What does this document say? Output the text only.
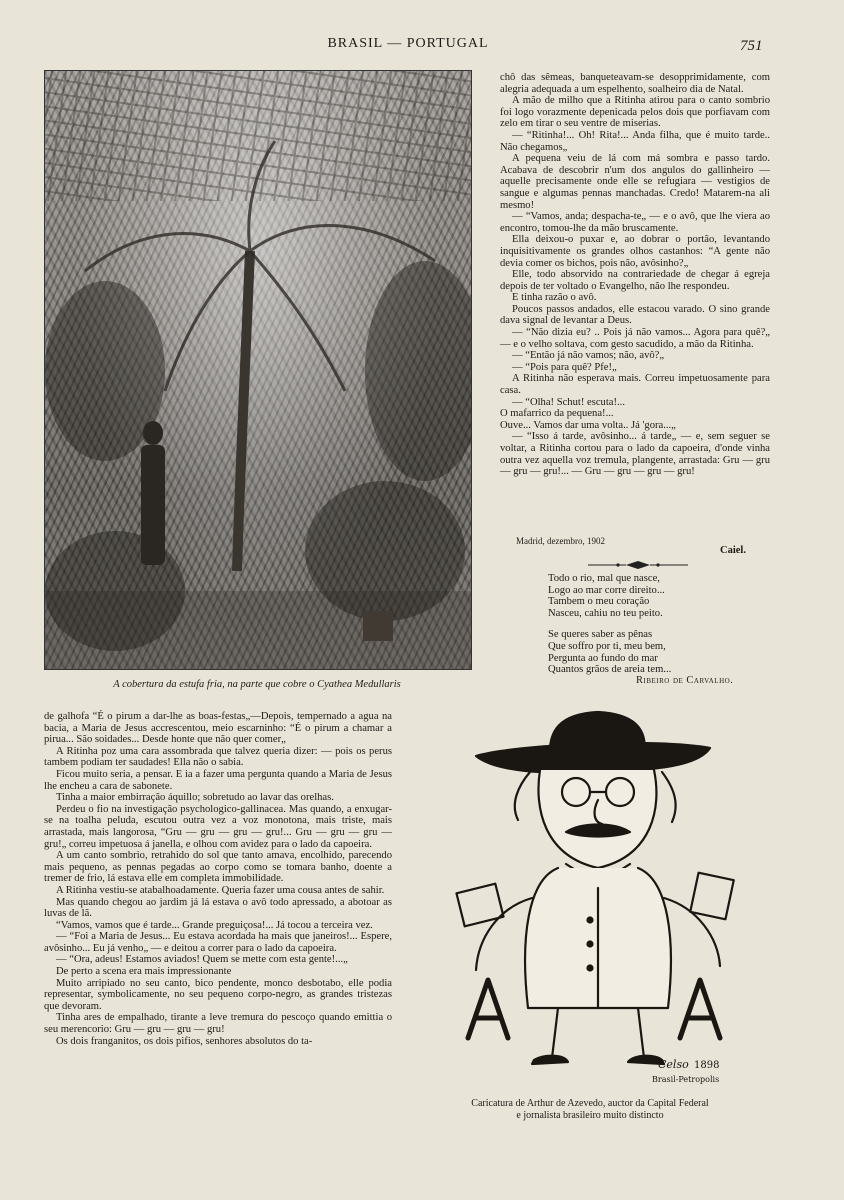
BRASIL — PORTUGAL	751
A cobertura da estufa fria, na parte que cobre o Cyathea Medullaris

chô das sêmeas, banqueteavam-se desopprimidamente, com alegria adequada a um espelhento, soalheiro dia de Natal.

A mão de milho que a Ritinha atirou para o canto sombrio foi logo vorazmente depenicada pelos dois que porfiavam com zelo em tirar o seu ventre de miserias.

— “Ritinha!... Oh! Rita!... Anda filha, que é muito tarde.. Não chegamos„

A pequena veiu de lá com má sombra e passo tardo. Acabava de descobrir n'um dos angulos do gallinheiro — aquelle precisamente onde elle se refugiara — vestigios de sangue e algumas pennas manchadas. Credo! Matarem-na ali mesmo!

— “Vamos, anda; despacha-te„ — e o avô, que lhe viera ao encontro, tomou-lhe da mão bruscamente.

Ella deixou-o puxar e, ao dobrar o portão, levantando inquisitivamente os grandes olhos castanhos: “A gente não devia comer os bichos, pois não, avôsinho?„

Elle, todo absorvido na contrariedade de chegar á egreja depois de ter voltado o Evangelho, não lhe respondeu.

E tinha razão o avô.

Poucos passos andados, elle estacou varado. O sino grande dava signal de levantar a Deus.

— “Não dizia eu? .. Pois já não vamos... Agora para quê?„ — e o velho soltava, com gesto sacudido, a mão da Ritinha.

— “Então já não vamos; não, avô?„

— “Pois para quê? Pfe!„

A Ritinha não esperava mais. Correu impetuosamente para casa.

— “Olha! Schut! escuta!...

O mafarrico da pequena!...

Ouve... Vamos dar uma volta.. Já 'gora...„

— “Isso á tarde, avôsinho... á tarde„ — e, sem seguer se voltar, a Ritinha cortou para o lado da capoeira, d'onde vinha outra vez aquella voz tremula, plangente, arrastada: Gru — gru — gru — gru!... — Gru — gru — gru — gru!

Madrid, dezembro, 1902
Caiel.

Todo o rio, mal que nasce,

Logo ao mar corre direito...

Tambem o meu coração

Nasceu, cahiu no teu peito.

Se queres saber as pênas

Que soffro por ti, meu bem,

Pergunta ao fundo do mar

Quantos grãos de areia tem...

Ribeiro de Carvalho.

de galhofa “É o pirum a dar-lhe as boas-festas„—Depois, tempernado a agua na bacia, a Maria de Jesus accrescentou, meio escarninho: “É o pirum a chamar a pirua... São soidades... Desde honte que não quer comer„

A Ritinha poz uma cara assombrada que talvez queria dizer: — pois os perus tambem podiam ter saudades! Ella não o sabia.

Ficou muito seria, a pensar. E ia a fazer uma pergunta quando a Maria de Jesus lhe encheu a cara de sabonete.

Tinha a maior embirração áquillo; sobretudo ao lavar das orelhas.

Perdeu o fio na investigação psychologico-gallinacea. Mas quando, a enxugar-se na toalha peluda, escutou outra vez a voz monotona, mais triste, mais arrastada, mais langorosa, “Gru — gru — gru — gru!... Gru — gru — gru — gru!„ correu impetuosa á janella, e olhou com avidez para o lado da capoeira.

A um canto sombrio, retrahido do sol que tanto amava, encolhido, parecendo mais pequeno, as pennas pegadas ao corpo como se tomara banho, doente a tremer de frio, lá estava elle em completa immobilidade.

A Ritinha vestiu-se atabalhoadamente. Queria fazer uma cousa antes de sahir.

Mas quando chegou ao jardim já lá estava o avô todo apressado, a abotoar as luvas de lã.

“Vamos, vamos que é tarde... Grande preguiçosa!... Já tocou a terceira vez.

— “Foi a Maria de Jesus... Eu estava acordada ha mais que janeiros!... Espere, avôsinho... Eu já venho„ — e deitou a correr para o lado da capoeira.

— “Ora, adeus! Estamos aviados! Quem se mette com esta gente!...„

De perto a scena era mais impressionante

Muito arripiado no seu canto, bico pendente, monco desbotabo, elle podia representar, symbolicamente, no seu pequeno corpo-negro, as grandes tristezas que devoram.

Tinha ares de empalhado, tirante a leve tremura do pescoço quando emittia o seu merencorio: Gru — gru — gru — gru!

Os dois franganitos, os dois pifios, senhores absolutos do ta-

Celso 1898
Brasil-Petropolis
Caricatura de Arthur de Azevedo, auctor da Capital Federal
e jornalista brasileiro muito distincto
